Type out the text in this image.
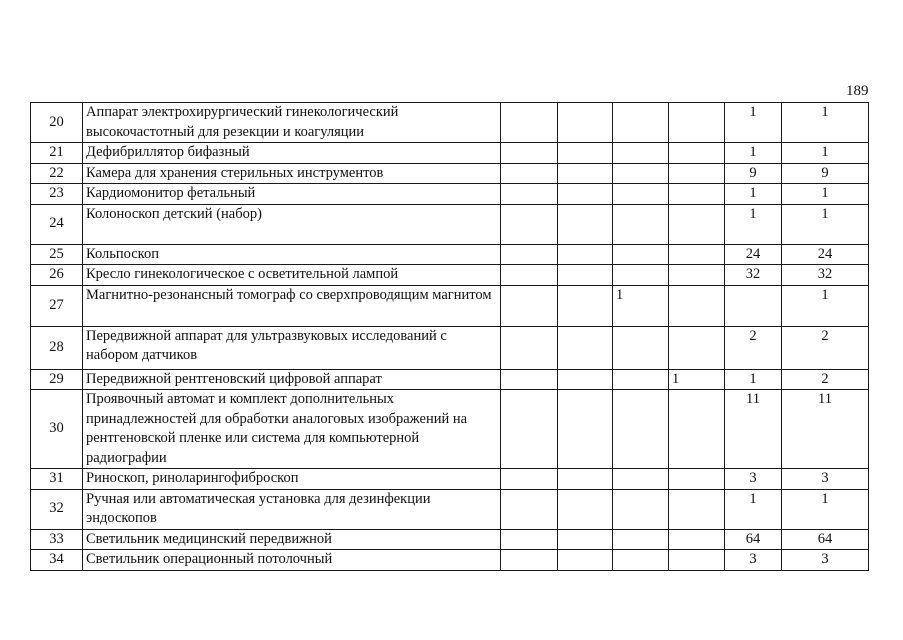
189
20	Аппарат электрохирургический гинекологический высокочастотный для резекции и коагуляции					1	1
21	Дефибриллятор бифазный					1	1
22	Камера для хранения стерильных инструментов					9	9
23	Кардиомонитор фетальный					1	1
24	Колоноскоп детский (набор)					1	1
25	Кольпоскоп					24	24
26	Кресло гинекологическое с осветительной лампой					32	32
27	Магнитно-резонансный томограф со сверхпроводящим магнитом			1			1
28	Передвижной аппарат для ультразвуковых исследований с набором датчиков					2	2
29	Передвижной рентгеновский цифровой аппарат				1	1	2
30	Проявочный автомат и комплект дополнительных принадлежностей для обработки аналоговых изображений на рентгеновской пленке или система для компьютерной радиографии					11	11
31	Риноскоп, риноларингофиброскоп					3	3
32	Ручная или автоматическая установка для дезинфекции эндоскопов					1	1
33	Светильник медицинский передвижной					64	64
34	Светильник операционный потолочный					3	3
